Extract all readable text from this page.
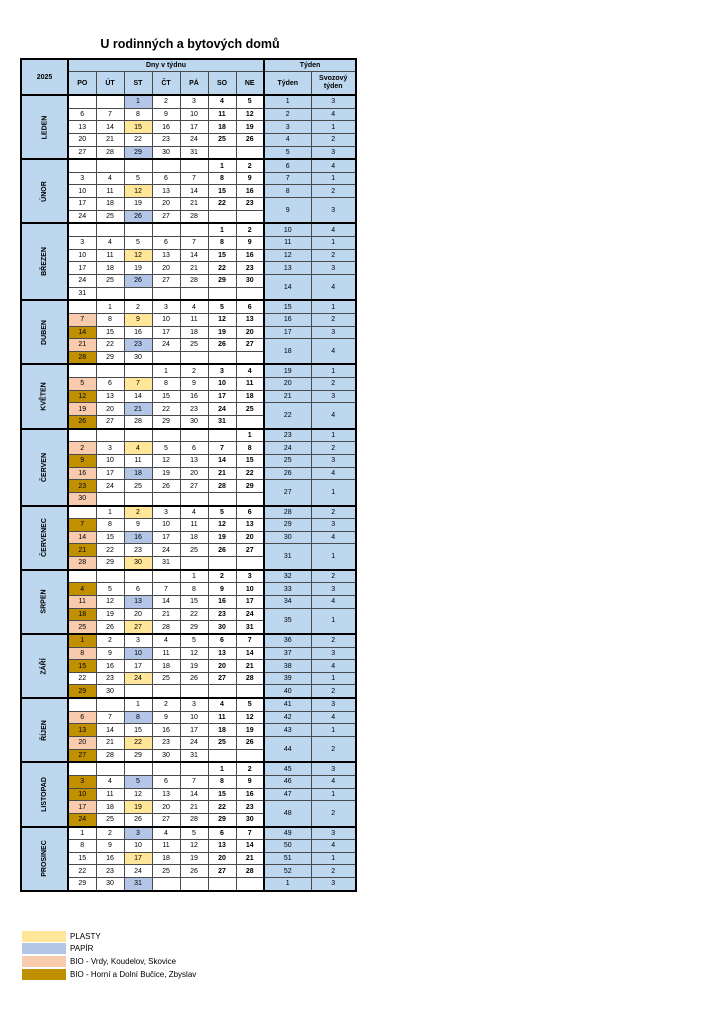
U rodinných a bytových domů
2025	Dny v týdnu							Týden	
	PO	ÚT	ST	ČT	PÁ	SO	NE	Týden	Svozový týden
LEDEN			1	2	3	4	5	1	3
	6	7	8	9	10	11	12	2	4
	13	14	15	16	17	18	19	3	1
	20	21	22	23	24	25	26	4	2
	27	28	29	30	31			5	3
ÚNOR						1	2	6	4
	3	4	5	6	7	8	9	7	1
	10	11	12	13	14	15	16	8	2
	17	18	19	20	21	22	23	9	3
	24	25	26	27	28				
BŘEZEN						1	2	10	4
	3	4	5	6	7	8	9	11	1
	10	11	12	13	14	15	16	12	2
	17	18	19	20	21	22	23	13	3
	24	25	26	27	28	29	30	14	4
	31								
DUBEN		1	2	3	4	5	6	15	1
	7	8	9	10	11	12	13	16	2
	14	15	16	17	18	19	20	17	3
	21	22	23	24	25	26	27	18	4
	28	29	30						
KVĚTEN				1	2	3	4	19	1
	5	6	7	8	9	10	11	20	2
	12	13	14	15	16	17	18	21	3
	19	20	21	22	23	24	25	22	4
	26	27	28	29	30	31			
ČERVEN							1	23	1
	2	3	4	5	6	7	8	24	2
	9	10	11	12	13	14	15	25	3
	16	17	18	19	20	21	22	26	4
	23	24	25	26	27	28	29	27	1
	30								
ČERVENEC		1	2	3	4	5	6	28	2
	7	8	9	10	11	12	13	29	3
	14	15	16	17	18	19	20	30	4
	21	22	23	24	25	26	27	31	1
	28	29	30	31					
SRPEN					1	2	3	32	2
	4	5	6	7	8	9	10	33	3
	11	12	13	14	15	16	17	34	4
	18	19	20	21	22	23	24	35	1
	25	26	27	28	29	30	31		
ZÁŘÍ	1	2	3	4	5	6	7	36	2
	8	9	10	11	12	13	14	37	3
	15	16	17	18	19	20	21	38	4
	22	23	24	25	26	27	28	39	1
	29	30						40	2
ŘÍJEN			1	2	3	4	5	41	3
	6	7	8	9	10	11	12	42	4
	13	14	15	16	17	18	19	43	1
	20	21	22	23	24	25	26	44	2
	27	28	29	30	31				
LISTOPAD						1	2	45	3
	3	4	5	6	7	8	9	46	4
	10	11	12	13	14	15	16	47	1
	17	18	19	20	21	22	23	48	2
	24	25	26	27	28	29	30		
PROSINEC	1	2	3	4	5	6	7	49	3
	8	9	10	11	12	13	14	50	4
	15	16	17	18	19	20	21	51	1
	22	23	24	25	26	27	28	52	2
	29	30	31					1	3
PLASTY
PAPÍR
BIO - Vrdy, Koudelov, Skovice
BIO - Horní a Dolní Bučice, Zbyslav
